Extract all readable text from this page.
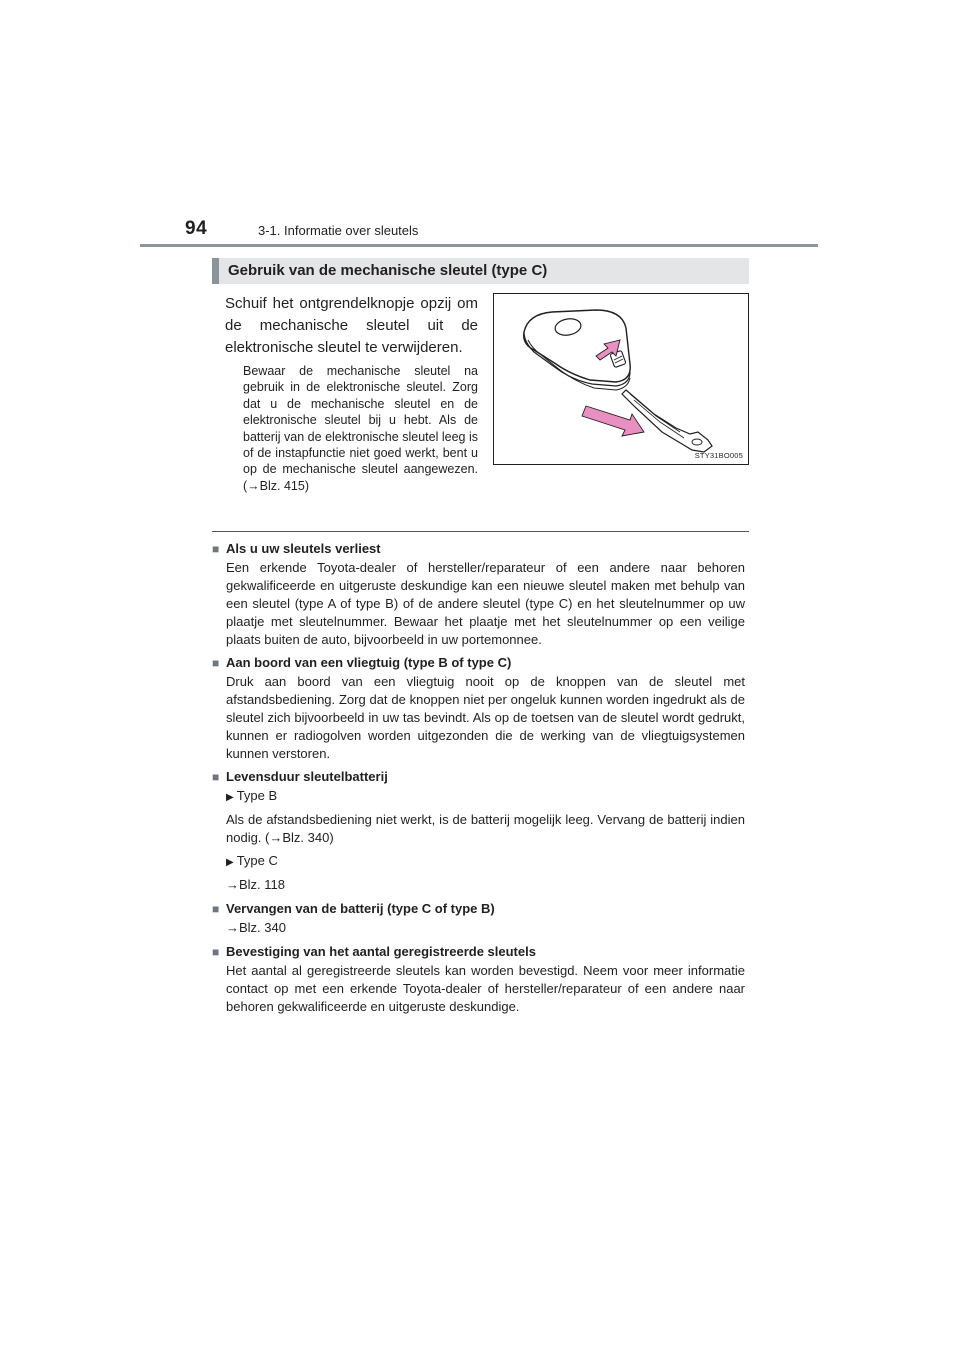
94	3-1. Informatie over sleutels
Gebruik van de mechanische sleutel (type C)
Schuif het ontgrendelknopje opzij om de mechanische sleutel uit de elektronische sleutel te verwijderen.
Bewaar de mechanische sleutel na gebruik in de elektronische sleutel. Zorg dat u de mechanische sleutel en de elektronische sleutel bij u hebt. Als de batterij van de elektronische sleutel leeg is of de instapfunctie niet goed werkt, bent u op de mechanische sleutel aangewezen. (→Blz. 415)
STY31BO005
■ Als u uw sleutels verliest
Een erkende Toyota-dealer of hersteller/reparateur of een andere naar behoren gekwalificeerde en uitgeruste deskundige kan een nieuwe sleutel maken met behulp van een sleutel (type A of type B) of de andere sleutel (type C) en het sleutelnummer op uw plaatje met sleutelnummer. Bewaar het plaatje met het sleutelnummer op een veilige plaats buiten de auto, bijvoorbeeld in uw portemonnee.
■ Aan boord van een vliegtuig (type B of type C)
Druk aan boord van een vliegtuig nooit op de knoppen van de sleutel met afstandsbediening. Zorg dat de knoppen niet per ongeluk kunnen worden ingedrukt als de sleutel zich bijvoorbeeld in uw tas bevindt. Als op de toetsen van de sleutel wordt gedrukt, kunnen er radiogolven worden uitgezonden die de werking van de vliegtuigsystemen kunnen verstoren.
■ Levensduur sleutelbatterij
▶ Type B
Als de afstandsbediening niet werkt, is de batterij mogelijk leeg. Vervang de batterij indien nodig. (→Blz. 340)
▶ Type C
→Blz. 118
■ Vervangen van de batterij (type C of type B)
→Blz. 340
■ Bevestiging van het aantal geregistreerde sleutels
Het aantal al geregistreerde sleutels kan worden bevestigd. Neem voor meer informatie contact op met een erkende Toyota-dealer of hersteller/reparateur of een andere naar behoren gekwalificeerde en uitgeruste deskundige.
